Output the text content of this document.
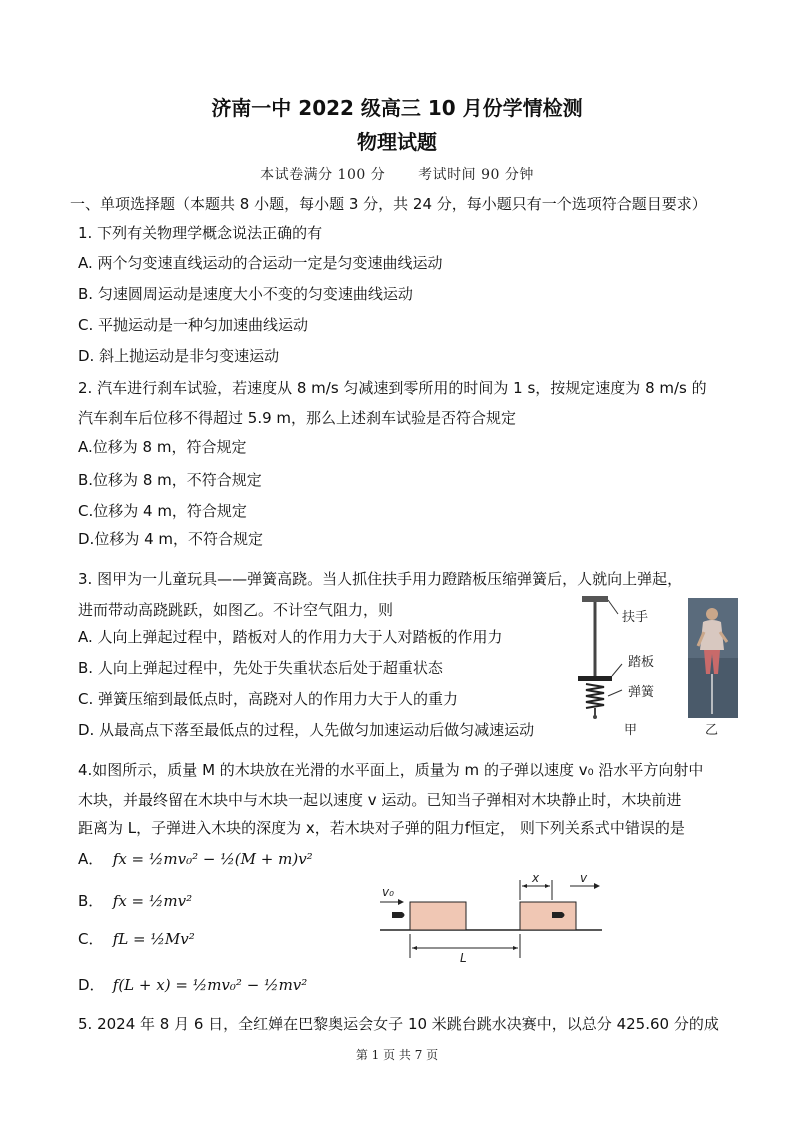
济南一中 2022 级高三 10 月份学情检测
物理试题
本试卷满分 100 分 考试时间 90 分钟
一、单项选择题（本题共 8 小题，每小题 3 分，共 24 分，每小题只有一个选项符合题目要求）
1. 下列有关物理学概念说法正确的有
A. 两个匀变速直线运动的合运动一定是匀变速曲线运动
B. 匀速圆周运动是速度大小不变的匀变速曲线运动
C. 平抛运动是一种匀加速曲线运动
D. 斜上抛运动是非匀变速运动
2. 汽车进行刹车试验，若速度从 8 m/s 匀减速到零所用的时间为 1 s，按规定速度为 8 m/s 的
汽车刹车后位移不得超过 5.9 m，那么上述刹车试验是否符合规定
A.位移为 8 m，符合规定
B.位移为 8 m，不符合规定
C.位移为 4 m，符合规定
D.位移为 4 m，不符合规定
3. 图甲为一儿童玩具——弹簧高跷。当人抓住扶手用力蹬踏板压缩弹簧后，人就向上弹起，
进而带动高跷跳跃，如图乙。不计空气阻力，则
A. 人向上弹起过程中，踏板对人的作用力大于人对踏板的作用力
B. 人向上弹起过程中，先处于失重状态后处于超重状态
C. 弹簧压缩到最低点时，高跷对人的作用力大于人的重力
D. 从最高点下落至最低点的过程，人先做匀加速运动后做匀减速运动
扶手
踏板
弹簧
甲	乙
4.如图所示，质量 M 的木块放在光滑的水平面上，质量为 m 的子弹以速度 v₀ 沿水平方向射中
木块，并最终留在木块中与木块一起以速度 v 运动。已知当子弹相对木块静止时，木块前进
距离为 L，子弹进入木块的深度为 x，若木块对子弹的阻力f恒定， 则下列关系式中错误的是
A． fx = ½mv₀² − ½(M + m)v²
B． fx = ½mv²
C． fL = ½Mv²
D． f(L + x) = ½mv₀² − ½mv²
v₀
x	v
L
5. 2024 年 8 月 6 日，全红婵在巴黎奥运会女子 10 米跳台跳水决赛中，以总分 425.60 分的成
第 1 页 共 7 页
